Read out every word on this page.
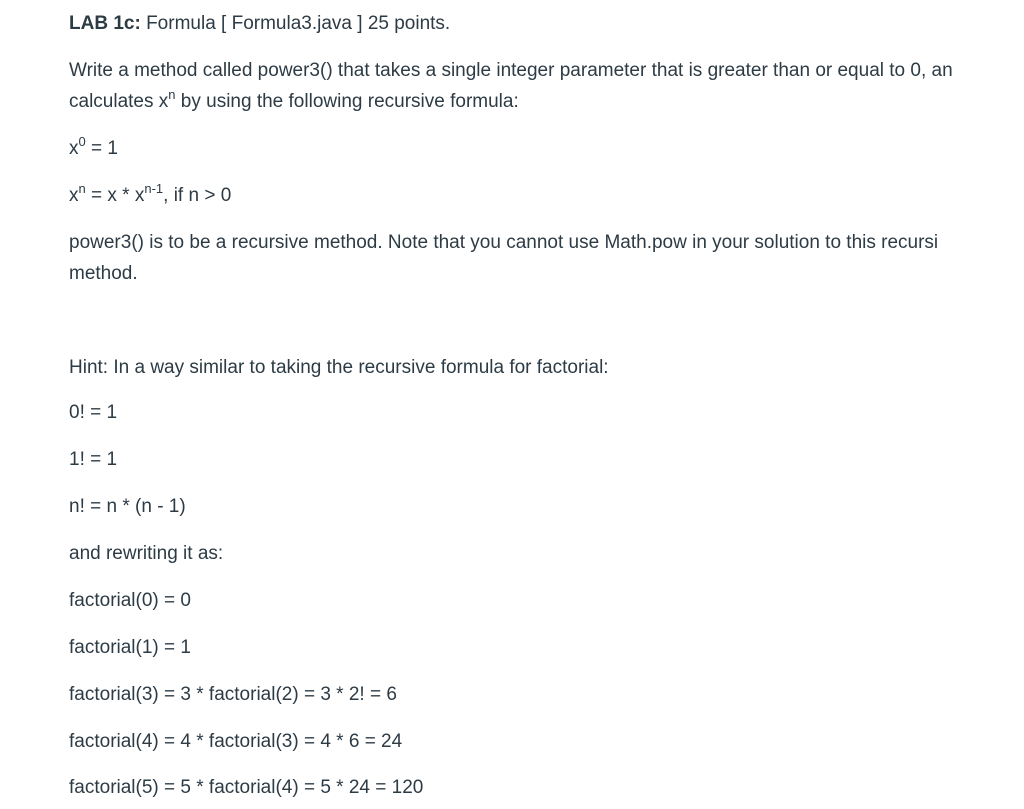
LAB 1c: Formula [ Formula3.java ] 25 points.

Write a method called power3() that takes a single integer parameter that is greater than or equal to 0, an

calculates $x^n$ by using the following recursive formula:

$x^0 = 1$

$x^n = x * x^{n-1}$, if n > 0

power3() is to be a recursive method. Note that you cannot use Math.pow in your solution to this recursi

method.

Hint: In a way similar to taking the recursive formula for factorial:

0! = 1

1! = 1

n! = n * (n - 1)

and rewriting it as:

factorial(0) = 0

factorial(1) = 1

factorial(3) = 3 * factorial(2) = 3 * 2! = 6

factorial(4) = 4 * factorial(3) = 4 * 6 = 24

factorial(5) = 5 * factorial(4) = 5 * 24 = 120
